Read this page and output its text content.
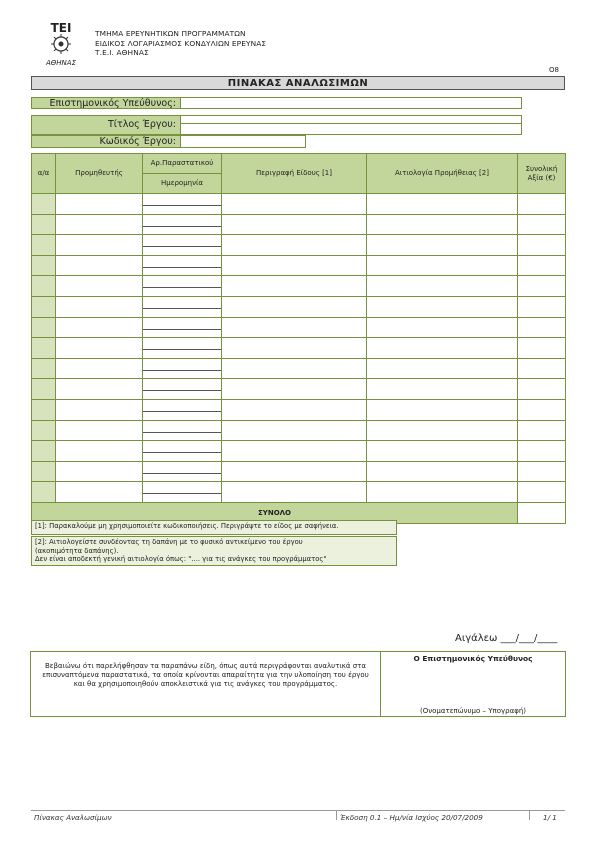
ΤΕΙ
ΑΘΗΝΑΣ
ΤΜΗΜΑ ΕΡΕΥΝΗΤΙΚΩΝ ΠΡΟΓΡΑΜΜΑΤΩΝ
ΕΙΔΙΚΟΣ ΛΟΓΑΡΙΑΣΜΟΣ ΚΟΝΔΥΛΙΩΝ ΕΡΕΥΝΑΣ
Τ.Ε.Ι. ΑΘΗΝΑΣ
Ο8
ΠΙΝΑΚΑΣ ΑΝΑΛΩΣΙΜΩΝ
Επιστημονικός Υπεύθυνος:
Τίτλος Έργου:
Κωδικός Έργου:
α/α	Προμηθευτής	Αρ.Παραστατικού	Περιγραφή Είδους [1]	Αιτιολογία Προμήθειας [2]	Συνολική Αξία (€)
		Ημερομηνία			

ΣΥΝΟΛΟ					
[1]: Παρακαλούμε μη χρησιμοποιείτε κωδικοποιήσεις. Περιγράψτε το είδος με σαφήνεια.
[2]: Αιτιολογείστε συνδέοντας τη δαπάνη με το φυσικό αντικείμενο του έργου
(ακοπιμότητα δαπάνης).
Δεν είναι αποδεκτή γενική αιτιολογία όπως: ".... για τις ανάγκες του προγράμματος"
Αιγάλεω ___/___/____
Βεβαιώνω ότι παρελήφθησαν τα παραπάνω είδη, όπως αυτά περιγράφονται αναλυτικά στα επισυναπτόμενα παραστατικά, τα οποία κρίνονται απαραίτητα για την υλοποίηση του έργου και θα χρησιμοποιηθούν αποκλειστικά για τις ανάγκες του προγράμματος.
Ο Επιστημονικός Υπεύθυνος
(Ονοματεπώνυμο – Υπογραφή)
Πίνακας Αναλωσίμων	Έκδοση 0.1 – Ημ/νία Ισχύος 20/07/2009	1/ 1
